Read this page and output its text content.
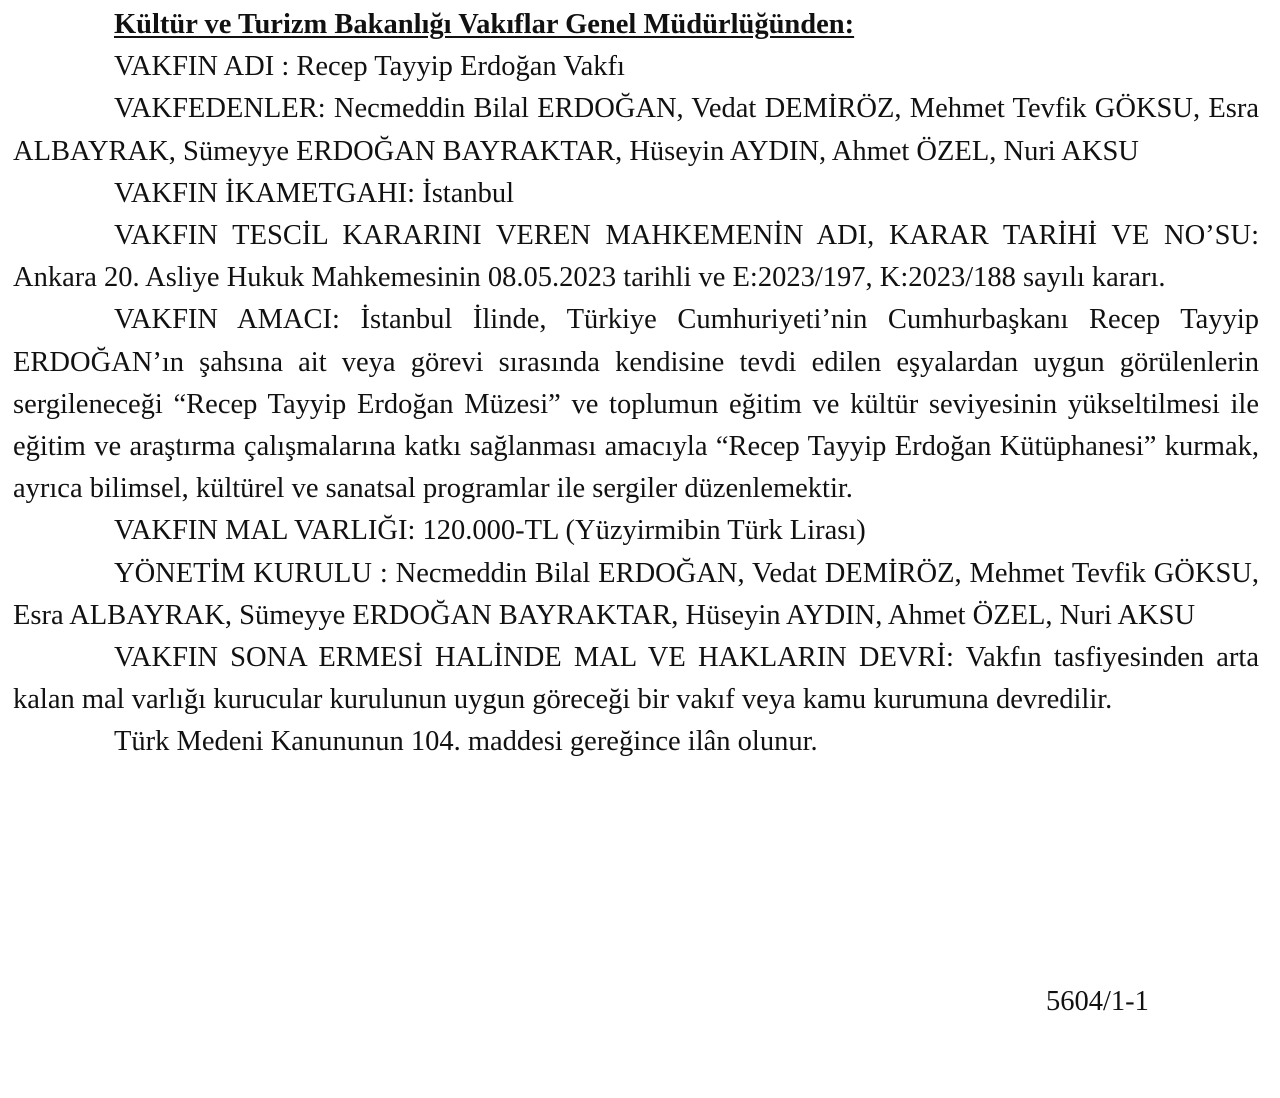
Kültür ve Turizm Bakanlığı Vakıflar Genel Müdürlüğünden:

VAKFIN ADI : Recep Tayyip Erdoğan Vakfı

VAKFEDENLER: Necmeddin Bilal ERDOĞAN, Vedat DEMİRÖZ, Mehmet Tevfik GÖKSU, Esra ALBAYRAK, Sümeyye ERDOĞAN BAYRAKTAR, Hüseyin AYDIN, Ahmet ÖZEL, Nuri AKSU

VAKFIN İKAMETGAHI: İstanbul

VAKFIN TESCİL KARARINI VEREN MAHKEMENİN ADI, KARAR TARİHİ VE NO’SU: Ankara 20. Asliye Hukuk Mahkemesinin 08.05.2023 tarihli ve E:2023/197, K:2023/188 sayılı kararı.

VAKFIN AMACI: İstanbul İlinde, Türkiye Cumhuriyeti’nin Cumhurbaşkanı Recep Tayyip ERDOĞAN’ın şahsına ait veya görevi sırasında kendisine tevdi edilen eşyalardan uygun görülenlerin sergileneceği “Recep Tayyip Erdoğan Müzesi” ve toplumun eğitim ve kültür seviyesinin yükseltilmesi ile eğitim ve araştırma çalışmalarına katkı sağlanması amacıyla “Recep Tayyip Erdoğan Kütüphanesi” kurmak, ayrıca bilimsel, kültürel ve sanatsal programlar ile sergiler düzenlemektir.

VAKFIN MAL VARLIĞI: 120.000-TL (Yüzyirmibin Türk Lirası)

YÖNETİM KURULU : Necmeddin Bilal ERDOĞAN, Vedat DEMİRÖZ, Mehmet Tevfik GÖKSU, Esra ALBAYRAK, Sümeyye ERDOĞAN BAYRAKTAR, Hüseyin AYDIN, Ahmet ÖZEL, Nuri AKSU

VAKFIN SONA ERMESİ HALİNDE MAL VE HAKLARIN DEVRİ: Vakfın tasfiyesinden arta kalan mal varlığı kurucular kurulunun uygun göreceği bir vakıf veya kamu kurumuna devredilir.

Türk Medeni Kanununun 104. maddesi gereğince ilân olunur.

5604/1-1
